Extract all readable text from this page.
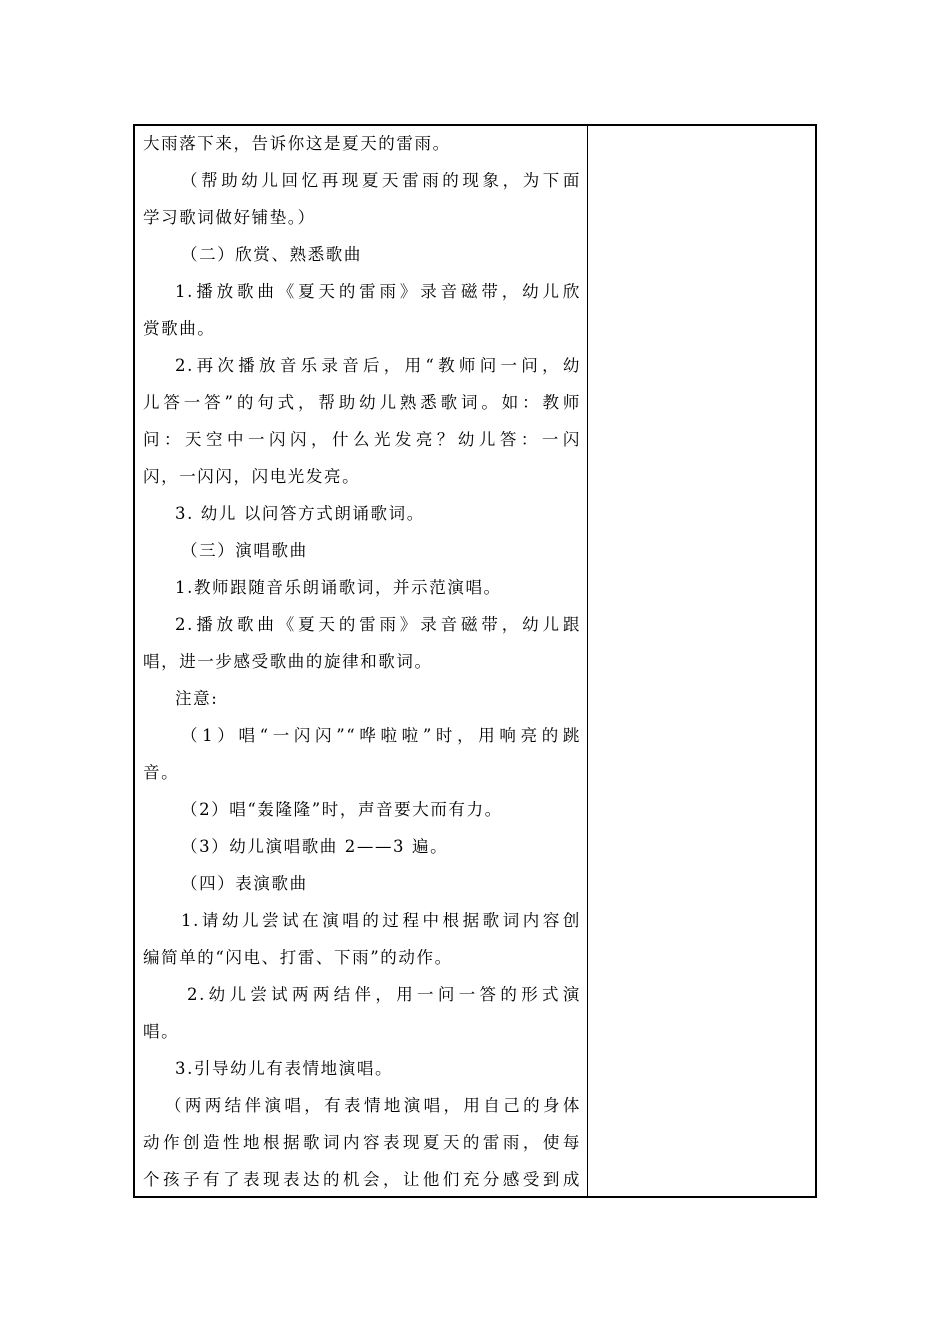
大雨落下来，告诉你这是夏天的雷雨。
（帮助幼儿回忆再现夏天雷雨的现象，为下面
学习歌词做好铺垫。）
（二）欣赏、熟悉歌曲
1.播放歌曲《夏天的雷雨》录音磁带，幼儿欣
赏歌曲。
2.再次播放音乐录音后，用“教师问一问，幼
儿答一答”的句式，帮助幼儿熟悉歌词。如：教师
问：天空中一闪闪，什么光发亮？幼儿答：一闪
闪，一闪闪，闪电光发亮。
3. 幼儿 以问答方式朗诵歌词。
（三）演唱歌曲
1.教师跟随音乐朗诵歌词，并示范演唱。
2.播放歌曲《夏天的雷雨》录音磁带，幼儿跟
唱，进一步感受歌曲的旋律和歌词。
注意:
（1）唱“一闪闪”“哗啦啦”时，用响亮的跳
音。
（2）唱“轰隆隆”时，声音要大而有力。
（3）幼儿演唱歌曲 2——3 遍。
（四）表演歌曲
1.请幼儿尝试在演唱的过程中根据歌词内容创
编简单的“闪电、打雷、下雨”的动作。
2.幼儿尝试两两结伴，用一问一答的形式演
唱。
3.引导幼儿有表情地演唱。
（两两结伴演唱，有表情地演唱，用自己的身体
动作创造性地根据歌词内容表现夏天的雷雨，使每
个孩子有了表现表达的机会，让他们充分感受到成
